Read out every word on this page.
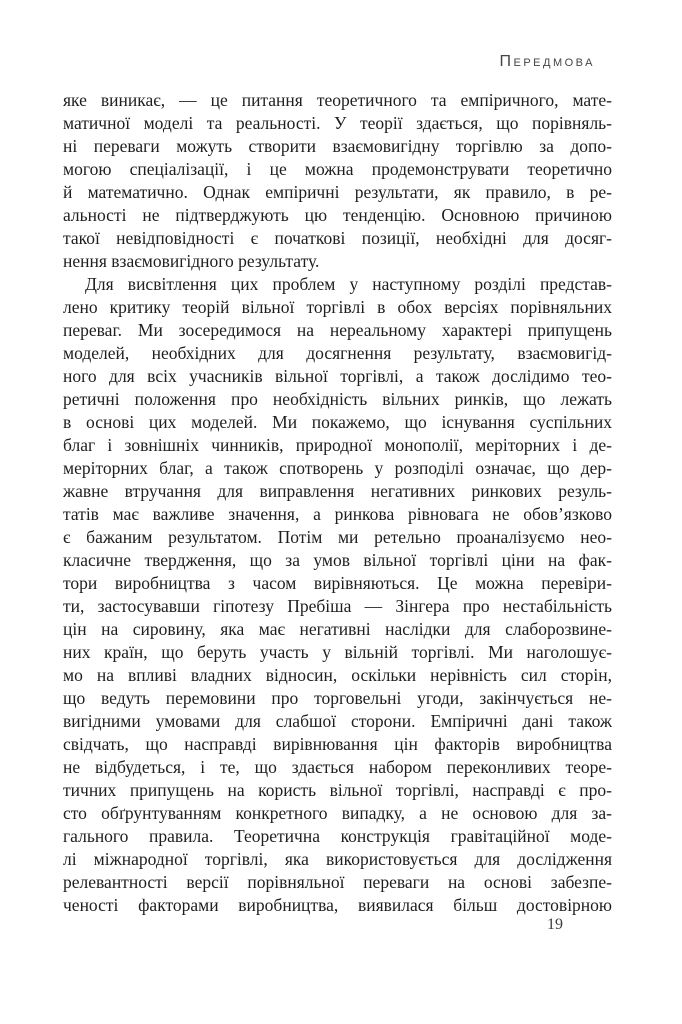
Передмова
яке виникає, — це питання теоретичного та емпіричного, мате-
матичної моделі та реальності. У теорії здається, що порівняль-
ні переваги можуть створити взаємовигідну торгівлю за допо-
могою спеціалізації, і це можна продемонструвати теоретично
й математично. Однак емпіричні результати, як правило, в ре-
альності не підтверджують цю тенденцію. Основною причиною
такої невідповідності є початкові позиції, необхідні для досяг-
нення взаємовигідного результату.
Для висвітлення цих проблем у наступному розділі представ-
лено критику теорій вільної торгівлі в обох версіях порівняльних
переваг. Ми зосередимося на нереальному характері припущень
моделей, необхідних для досягнення результату, взаємовигід-
ного для всіх учасників вільної торгівлі, а також дослідимо тео-
ретичні положення про необхідність вільних ринків, що лежать
в основі цих моделей. Ми покажемо, що існування суспільних
благ і зовнішніх чинників, природної монополії, меріторних і де-
меріторних благ, а також спотворень у розподілі означає, що дер-
жавне втручання для виправлення негативних ринкових резуль-
татів має важливе значення, а ринкова рівновага не обов’язково
є бажаним результатом. Потім ми ретельно проаналізуємо нео-
класичне твердження, що за умов вільної торгівлі ціни на фак-
тори виробництва з часом вирівняються. Це можна перевіри-
ти, застосувавши гіпотезу Пребіша — Зінгера про нестабільність
цін на сировину, яка має негативні наслідки для слаборозвине-
них країн, що беруть участь у вільній торгівлі. Ми наголошує-
мо на впливі владних відносин, оскільки нерівність сил сторін,
що ведуть перемовини про торговельні угоди, закінчується не-
вигідними умовами для слабшої сторони. Емпіричні дані також
свідчать, що насправді вирівнювання цін факторів виробництва
не відбудеться, і те, що здається набором переконливих теоре-
тичних припущень на користь вільної торгівлі, насправді є про-
сто обґрунтуванням конкретного випадку, а не основою для за-
гального правила. Теоретична конструкція гравітаційної моде-
лі міжнародної торгівлі, яка використовується для дослідження
релевантності версії порівняльної переваги на основі забезпе-
ченості факторами виробництва, виявилася більш достовірною
19
